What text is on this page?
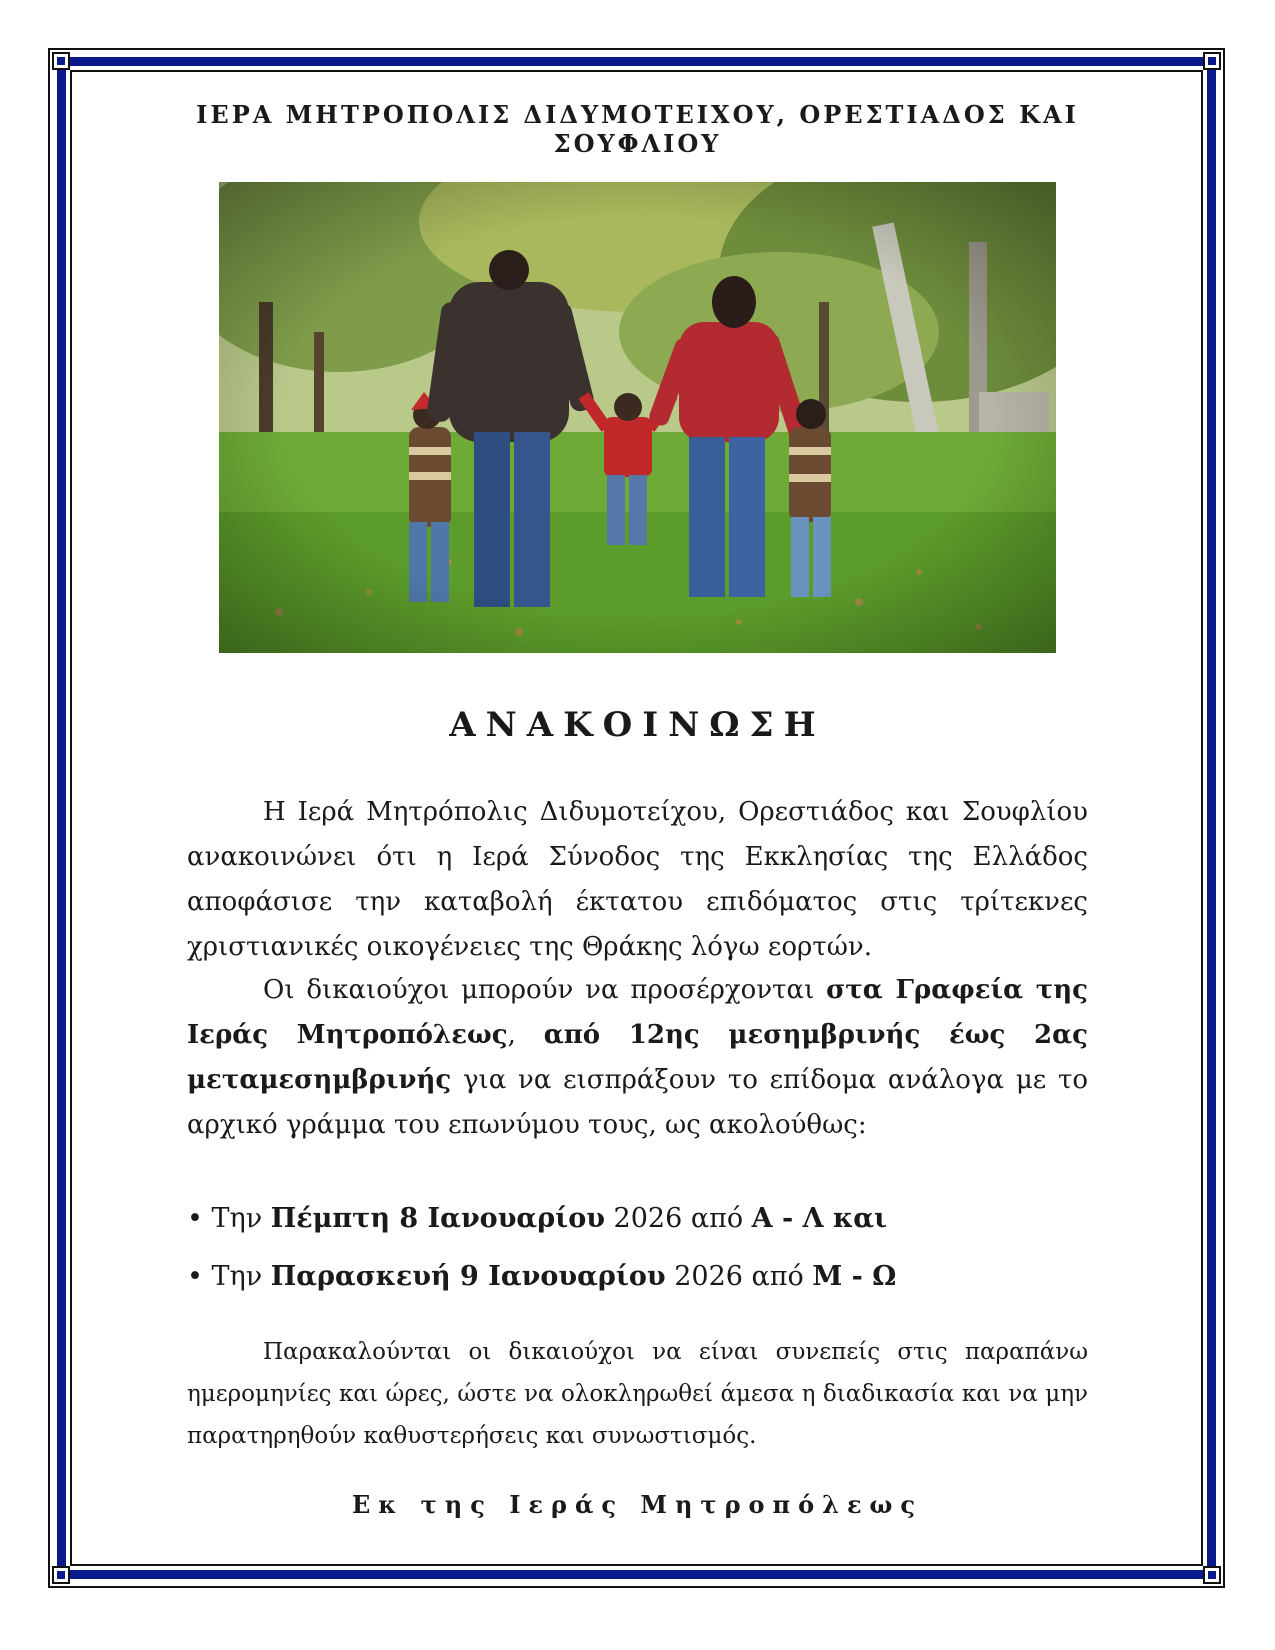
ΙΕΡΑ ΜΗΤΡΟΠΟΛΙΣ ΔΙΔΥΜΟΤΕΙΧΟΥ, ΟΡΕΣΤΙΑΔΟΣ ΚΑΙ ΣΟΥΦΛΙΟΥ
ΑΝΑΚΟΙΝΩΣΗ
Η Ιερά Μητρόπολις Διδυμοτείχου, Ορεστιάδος και Σουφλίου ανακοινώνει ότι η Ιερά Σύνοδος της Εκκλησίας της Ελλάδος αποφάσισε την καταβολή έκτατου επιδόματος στις τρίτεκνες χριστιανικές οικογένειες της Θράκης λόγω εορτών.
Οι δικαιούχοι μπορούν να προσέρχονται στα Γραφεία της Ιεράς Μητροπόλεως, από 12ης μεσημβρινής έως 2ας μεταμεσημβρινής για να εισπράξουν το επίδομα ανάλογα με το αρχικό γράμμα του επωνύμου τους, ως ακολούθως:
• Την Πέμπτη 8 Ιανουαρίου 2026 από Α - Λ και
• Την Παρασκευή 9 Ιανουαρίου 2026 από Μ - Ω
Παρακαλούνται οι δικαιούχοι να είναι συνεπείς στις παραπάνω ημερομηνίες και ώρες, ώστε να ολοκληρωθεί άμεσα η διαδικασία και να μην παρατηρηθούν καθυστερήσεις και συνωστισμός.
Εκ της Ιεράς Μητροπόλεως
